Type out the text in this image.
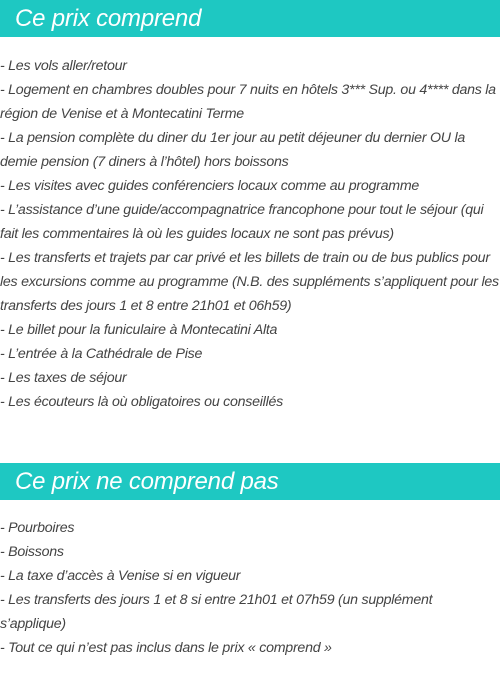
Ce prix comprend
- Les vols aller/retour
- Logement en chambres doubles pour 7 nuits en hôtels 3*** Sup. ou 4**** dans la région de Venise et à Montecatini Terme
- La pension complète du diner du 1er jour au petit déjeuner du dernier OU la demie pension (7 diners à l’hôtel) hors boissons
- Les visites avec guides conférenciers locaux comme au programme
- L’assistance d’une guide/accompagnatrice francophone pour tout le séjour (qui fait les commentaires là où les guides locaux ne sont pas prévus)
- Les transferts et trajets par car privé et les billets de train ou de bus publics pour les excursions comme au programme (N.B. des suppléments s’appliquent pour les transferts des jours 1 et 8 entre 21h01 et 06h59)
- Le billet pour la funiculaire à Montecatini Alta
- L’entrée à la Cathédrale de Pise
- Les taxes de séjour
- Les écouteurs là où obligatoires ou conseillés
Ce prix ne comprend pas
- Pourboires
- Boissons
- La taxe d’accès à Venise si en vigueur
- Les transferts des jours 1 et 8 si entre 21h01 et 07h59 (un supplément s’applique)
- Tout ce qui n’est pas inclus dans le prix « comprend »
